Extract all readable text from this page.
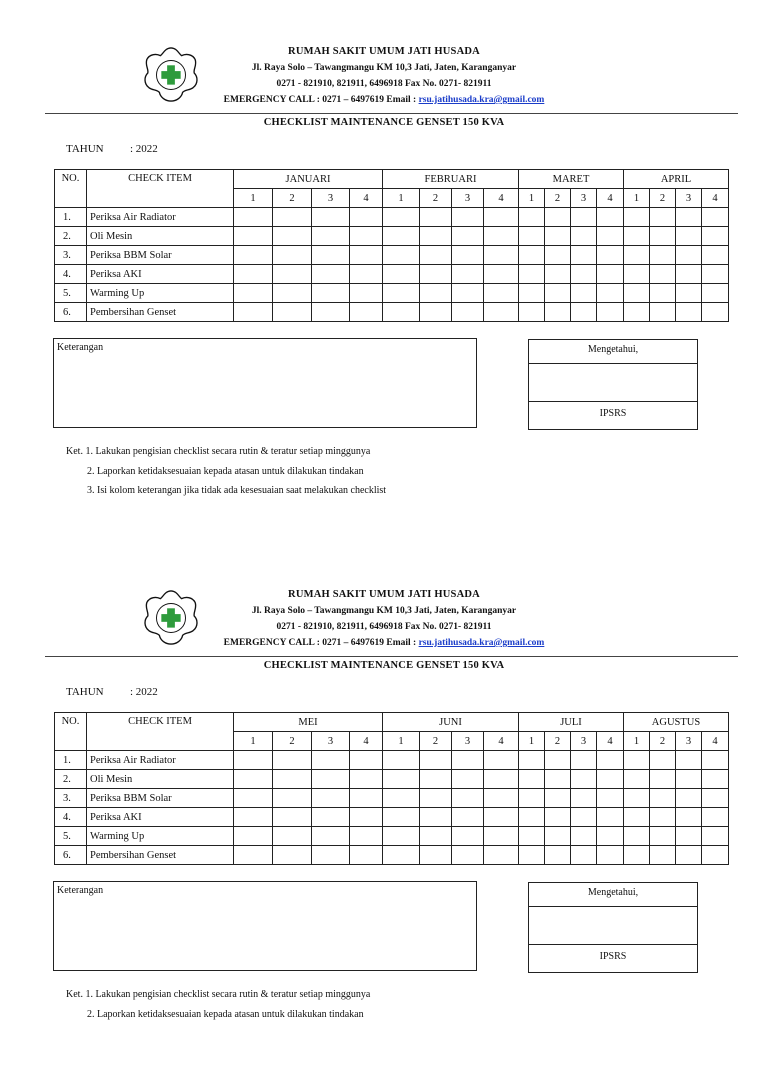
RUMAH SAKIT UMUM JATI HUSADA
Jl. Raya Solo – Tawangmangu KM 10,3 Jati, Jaten, Karanganyar
0271 - 821910, 821911, 6496918 Fax No. 0271- 821911
EMERGENCY CALL : 0271 – 6497619 Email : rsu.jatihusada.kra@gmail.com
CHECKLIST MAINTENANCE GENSET 150 KVA
TAHUN : 2022
NO.	CHECK ITEM	JANUARI				FEBRUARI				MARET				APRIL			
		1	2	3	4	1	2	3	4	1	2	3	4	1	2	3	4
1.	Periksa Air Radiator																
2.	Oli Mesin																
3.	Periksa BBM Solar																
4.	Periksa AKI																
5.	Warming Up																
6.	Pembersihan Genset																
Keterangan	Mengetahui,
IPSRS
Ket. 1. Lakukan pengisian checklist secara rutin & teratur setiap minggunya
2. Laporkan ketidaksesuaian kepada atasan untuk dilakukan tindakan
3. Isi kolom keterangan jika tidak ada kesesuaian saat melakukan checklist
RUMAH SAKIT UMUM JATI HUSADA
Jl. Raya Solo – Tawangmangu KM 10,3 Jati, Jaten, Karanganyar
0271 - 821910, 821911, 6496918 Fax No. 0271- 821911
EMERGENCY CALL : 0271 – 6497619 Email : rsu.jatihusada.kra@gmail.com
CHECKLIST MAINTENANCE GENSET 150 KVA
TAHUN : 2022
NO.	CHECK ITEM	MEI				JUNI				JULI				AGUSTUS			
		1	2	3	4	1	2	3	4	1	2	3	4	1	2	3	4
1.	Periksa Air Radiator																
2.	Oli Mesin																
3.	Periksa BBM Solar																
4.	Periksa AKI																
5.	Warming Up																
6.	Pembersihan Genset																
Keterangan	Mengetahui,
IPSRS
Ket. 1. Lakukan pengisian checklist secara rutin & teratur setiap minggunya
2. Laporkan ketidaksesuaian kepada atasan untuk dilakukan tindakan
